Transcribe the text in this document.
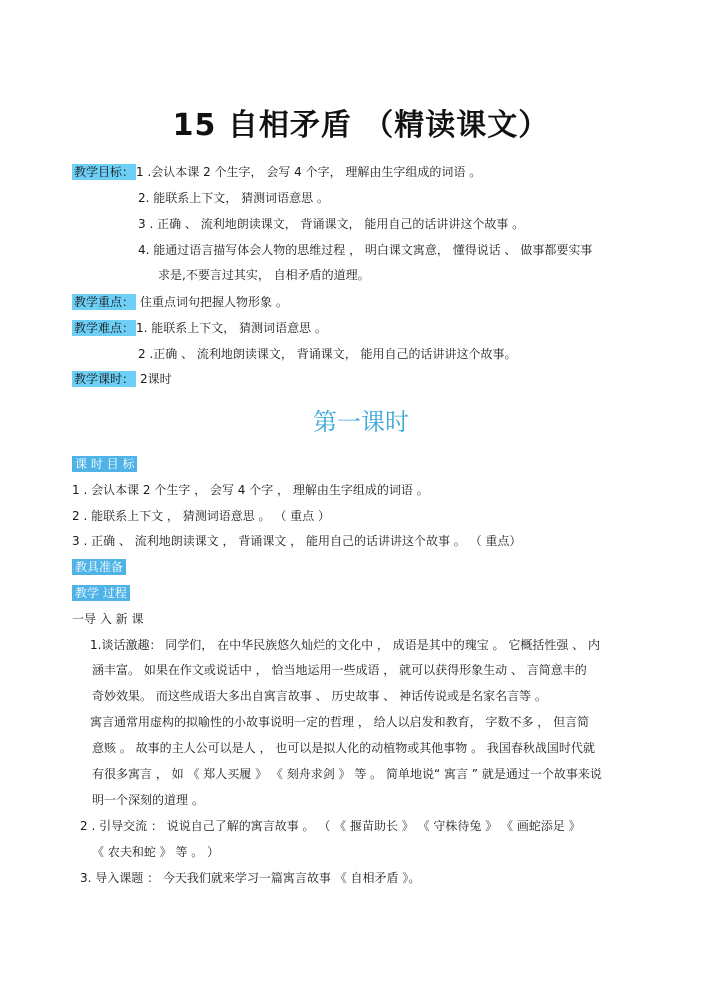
15 自相矛盾 （精读课文）
教学目标： 1 .会认本课 2 个生字， 会写 4 个字， 理解由生字组成的词语 。
2. 能联系上下文， 猜测词语意思 。
3 . 正确 、 流利地朗读课文， 背诵课文， 能用自己的话讲讲这个故事 。
4. 能通过语言描写体会人物的思维过程 ， 明白课文寓意， 懂得说话 、 做事都要实事
求是,不要言过其实， 自相矛盾的道理。
教学重点： 住重点词句把握人物形象 。
教学难点： 1. 能联系上下文， 猜测词语意思 。
2 .正确 、 流利地朗读课文， 背诵课文， 能用自己的话讲讲这个故事。
教学课时： 2课时
第一课时
课 时 目 标
1 . 会认本课 2 个生字 ， 会写 4 个字 ， 理解由生字组成的词语 。
2 . 能联系上下文 ， 猜测词语意思 。 （ 重点 ）
3 . 正确 、 流利地朗读课文 ， 背诵课文 ， 能用自己的话讲讲这个故事 。 （ 重点）
教具准备
教学 过程
一导 入 新 课
1.谈话激趣： 同学们， 在中华民族悠久灿烂的文化中 ， 成语是其中的瑰宝 。 它概括性强 、 内
涵丰富。 如果在作文或说话中 ， 恰当地运用一些成语 ， 就可以获得形象生动 、 言简意丰的
奇妙效果。 而这些成语大多出自寓言故事 、 历史故事 、 神话传说或是名家名言等 。
寓言通常用虚构的拟喻性的小故事说明一定的哲理 ， 给人以启发和教育， 字数不多 ， 但言简
意赅 。 故事的主人公可以是人 ， 也可以是拟人化的动植物或其他事物 。 我国春秋战国时代就
有很多寓言 ， 如 《 郑人买履 》 《 刻舟求剑 》 等 。 简单地说“ 寓言 ” 就是通过一个故事来说
明一个深刻的道理 。
2 . 引导交流 ： 说说自己了解的寓言故事 。 （ 《 揠苗助长 》 《 守株待兔 》 《 画蛇添足 》
《 农夫和蛇 》 等 。 ）
3. 导入课题 ： 今天我们就来学习一篇寓言故事 《 自相矛盾 》。
